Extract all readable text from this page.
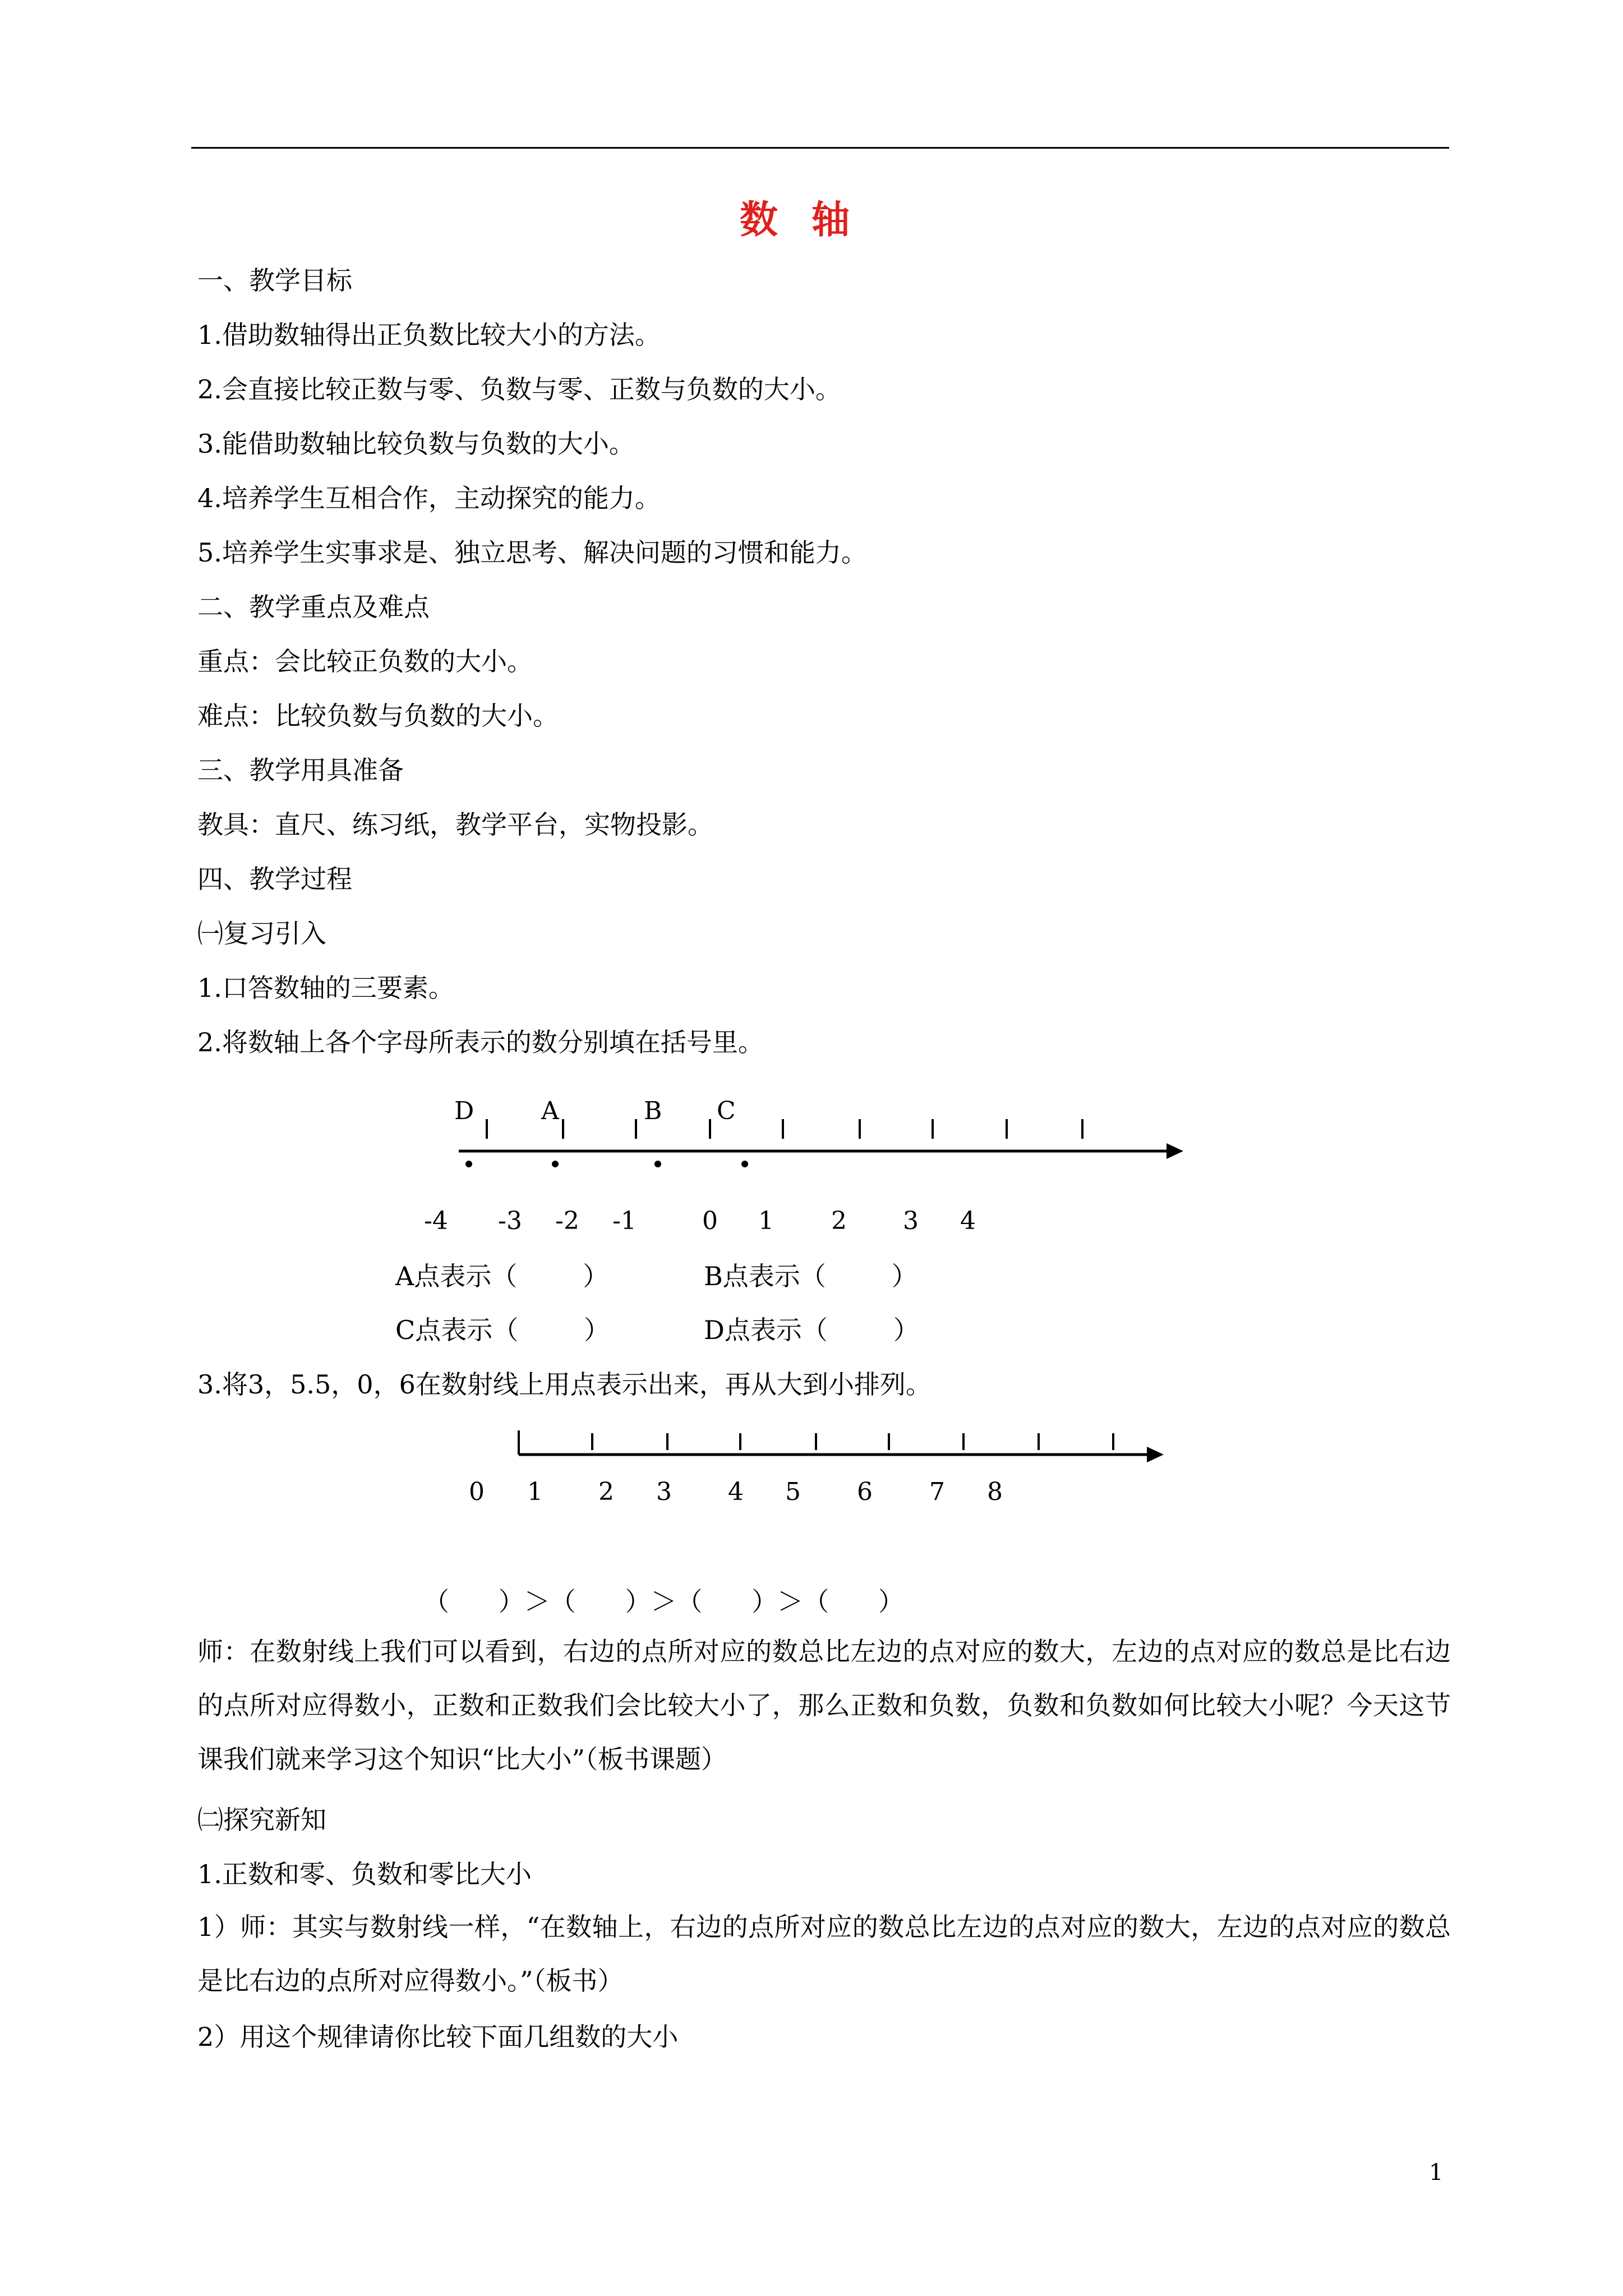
数轴
一、教学目标
1.借助数轴得出正负数比较大小的方法。
2.会直接比较正数与零、负数与零、正数与负数的大小。
3.能借助数轴比较负数与负数的大小。
4.培养学生互相合作，主动探究的能力。
5.培养学生实事求是、独立思考、解决问题的习惯和能力。
二、教学重点及难点
重点：会比较正负数的大小。
难点：比较负数与负数的大小。
三、教学用具准备
教具：直尺、练习纸，教学平台，实物投影。
四、教学过程
㈠复习引入
1.口答数轴的三要素。
2.将数轴上各个字母所表示的数分别填在括号里。
D	A	B C
-4 -3 -2 -1	0 1 2 3 4
A点表示（        ）	B点表示（        ）
C点表示（        ）	D点表示（        ）
3.将3，5.5，0，6在数射线上用点表示出来，再从大到小排列。
0 1 2 3 4 5 6 7 8
（      ）＞（      ）＞（      ）＞（      ）
师：在数射线上我们可以看到，右边的点所对应的数总比左边的点对应的数大，左边的点对应的数总是比右边的点所对应得数小，正数和正数我们会比较大小了，那么正数和负数，负数和负数如何比较大小呢？今天这节课我们就来学习这个知识“比大小”（板书课题）
㈡探究新知
1.正数和零、负数和零比大小
1）师：其实与数射线一样，“在数轴上，右边的点所对应的数总比左边的点对应的数大，左边的点对应的数总是比右边的点所对应得数小。”（板书）
2）用这个规律请你比较下面几组数的大小
1
